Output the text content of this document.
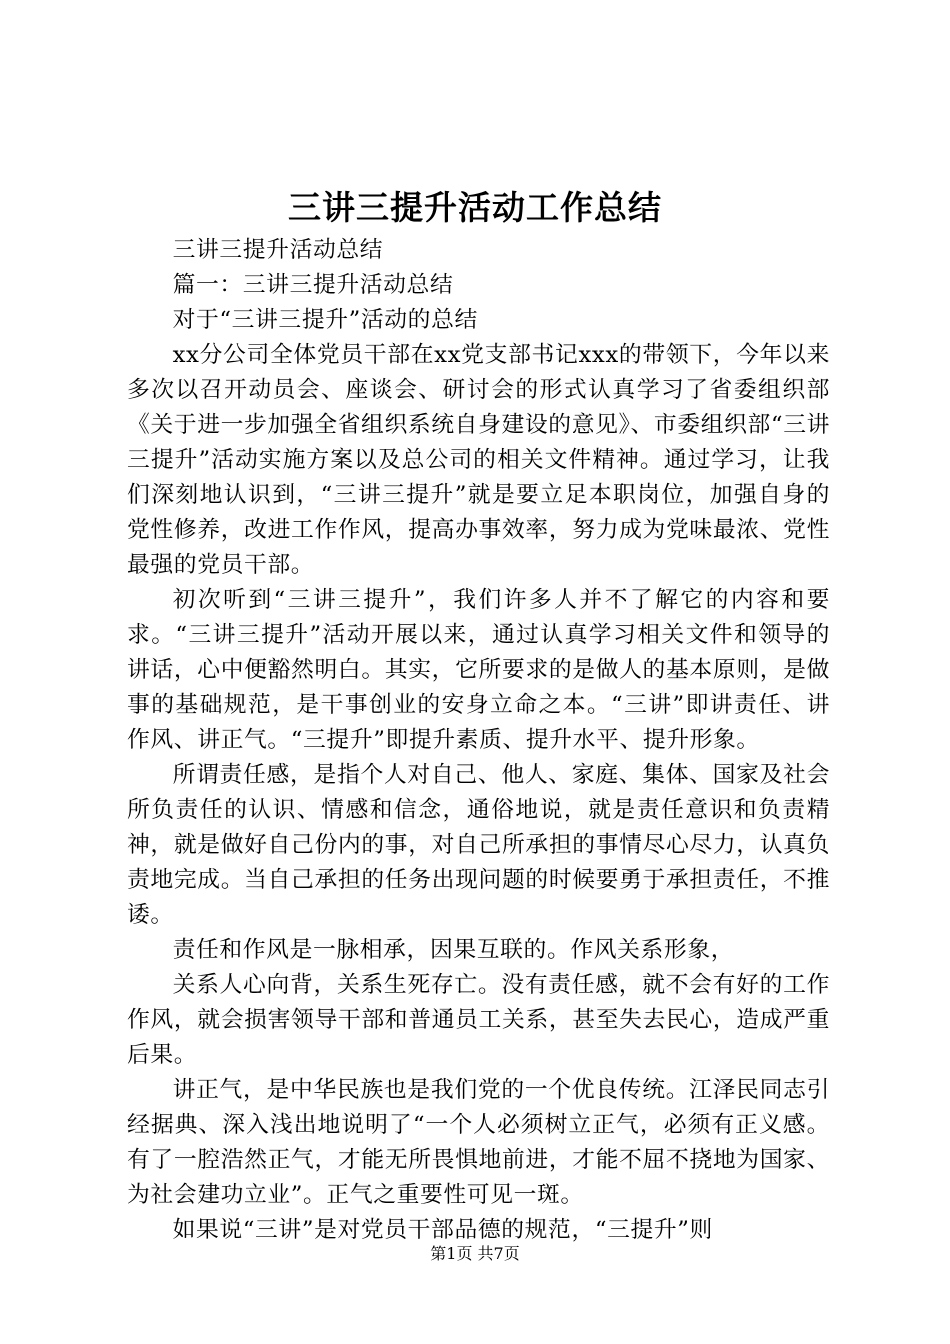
三讲三提升活动工作总结

三讲三提升活动总结

篇一：三讲三提升活动总结

对于“三讲三提升”活动的总结

xx分公司全体党员干部在xx党支部书记xxx的带领下，今年以来多次以召开动员会、座谈会、研讨会的形式认真学习了省委组织部《关于进一步加强全省组织系统自身建设的意见》、市委组织部“三讲三提升”活动实施方案以及总公司的相关文件精神。通过学习，让我们深刻地认识到，“三讲三提升”就是要立足本职岗位，加强自身的党性修养，改进工作作风，提高办事效率，努力成为党味最浓、党性最强的党员干部。

初次听到“三讲三提升”，我们许多人并不了解它的内容和要求。“三讲三提升”活动开展以来，通过认真学习相关文件和领导的讲话，心中便豁然明白。其实，它所要求的是做人的基本原则，是做事的基础规范，是干事创业的安身立命之本。“三讲”即讲责任、讲作风、讲正气。“三提升”即提升素质、提升水平、提升形象。

所谓责任感，是指个人对自己、他人、家庭、集体、国家及社会所负责任的认识、情感和信念，通俗地说，就是责任意识和负责精神，就是做好自己份内的事，对自己所承担的事情尽心尽力，认真负责地完成。当自己承担的任务出现问题的时候要勇于承担责任，不推诿。

责任和作风是一脉相承，因果互联的。作风关系形象，

关系人心向背，关系生死存亡。没有责任感，就不会有好的工作作风，就会损害领导干部和普通员工关系，甚至失去民心，造成严重后果。

讲正气，是中华民族也是我们党的一个优良传统。江泽民同志引经据典、深入浅出地说明了“一个人必须树立正气，必须有正义感。有了一腔浩然正气，才能无所畏惧地前进，才能不屈不挠地为国家、为社会建功立业”。正气之重要性可见一斑。

如果说“三讲”是对党员干部品德的规范，“三提升”则

第1页 共7页
